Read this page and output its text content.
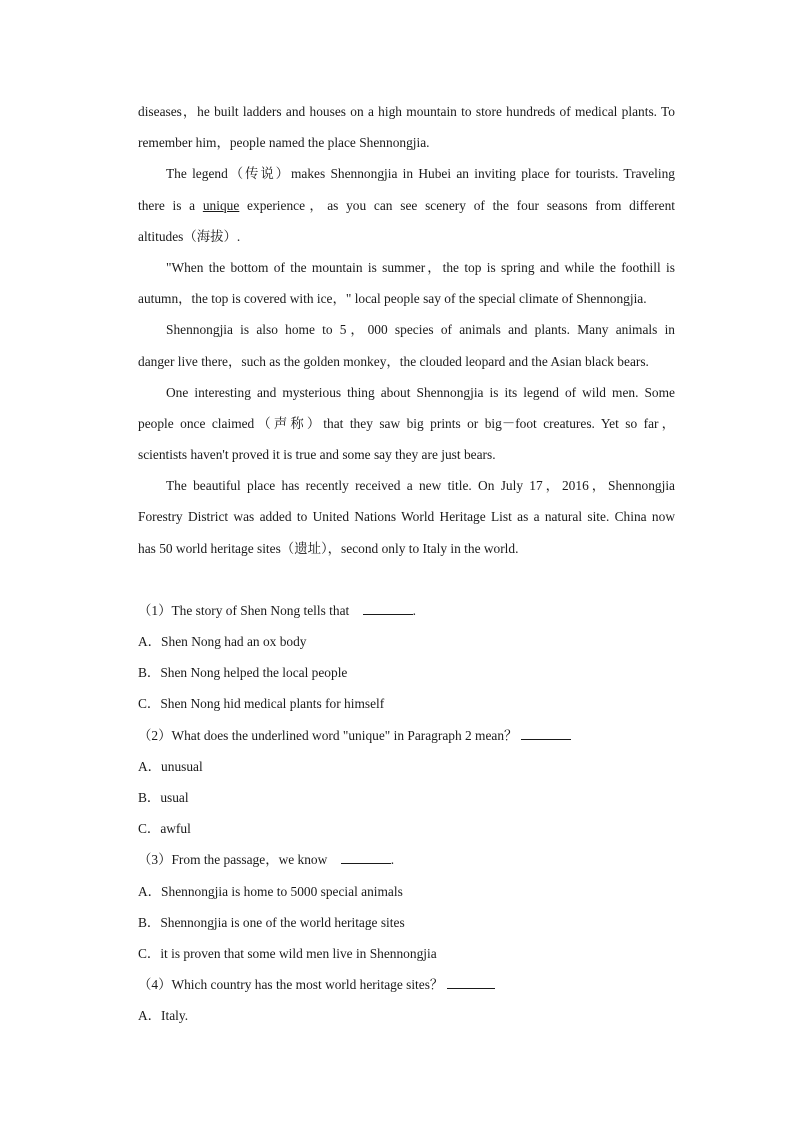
diseases，he built ladders and houses on a high mountain to store hundreds of medical plants. To
remember him，people named the place Shennongjia.
The legend（传说）makes Shennongjia in Hubei an inviting place for tourists. Traveling
there is a unique experience，as you can see scenery of the four seasons from different
altitudes（海拔）.
"When the bottom of the mountain is summer，the top is spring and while the foothill is
autumn，the top is covered with ice，" local people say of the special climate of Shennongjia.
Shennongjia is also home to 5，000 species of animals and plants. Many animals in
danger live there，such as the golden monkey，the clouded leopard and the Asian black bears.
One interesting and mysterious thing about Shennongjia is its legend of wild men. Some
people once claimed（声称）that they saw big prints or big－foot creatures. Yet so far，
scientists haven't proved it is true and some say they are just bears.
The beautiful place has recently received a new title. On July 17，2016，Shennongjia
Forestry District was added to United Nations World Heritage List as a natural site. China now
has 50 world heritage sites（遗址），second only to Italy in the world.
（1）The story of Shen Nong tells that	.
A．Shen Nong had an ox body
B．Shen Nong helped the local people
C．Shen Nong hid medical plants for himself
（2）What does the underlined word "unique" in Paragraph 2 mean？
A．unusual
B．usual
C．awful
（3）From the passage，we know	.
A．Shennongjia is home to 5000 special animals
B．Shennongjia is one of the world heritage sites
C．it is proven that some wild men live in Shennongjia
（4）Which country has the most world heritage sites？
A．Italy.
